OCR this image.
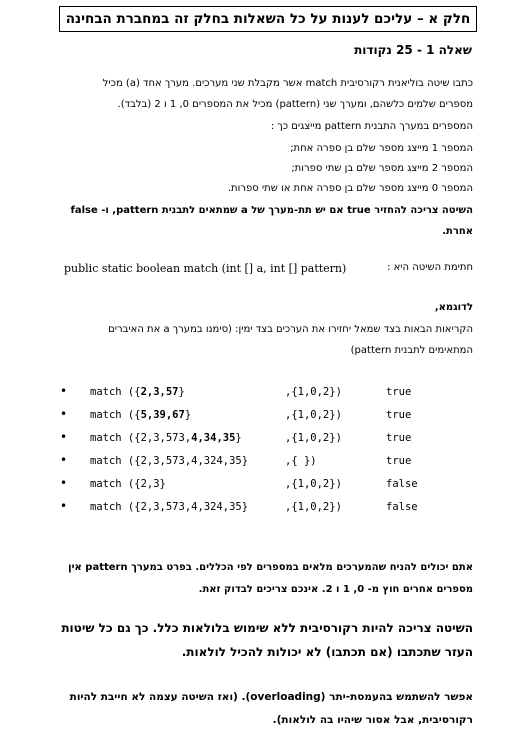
חלק א – עליכם לענות על כל השאלות בחלק זה במחברת הבחינה
שאלה 1 - 25 נקודות
כתבו שיטה בוליאנית רקורסיבית match אשר מקבלת שני מערכים. מערך אחד (a) מכיל
מספרים שלמים כלשהם, ומערך שני (pattern) מכיל את המספרים 0, 1 ו 2 (בלבד).
המספרים במערך התבנית pattern מייצגים כך :
המספר 1 מייצג מספר שלם בן ספרה אחת;
המספר 2 מייצג מספר שלם בן שתי ספרות;
המספר 0 מייצג מספר שלם בן ספרה אחת או שתי ספרות.
השיטה צריכה להחזיר true אם יש תת-מערך של a שמתאים לתבנית pattern, ו- false
אחרת.
חתימת השיטה היא :
public static boolean match (int [] a, int [] pattern)
לדוגמא,
הקריאות הבאות בצד שמאל יחזירו את הערכים בצד ימין: (סימנו במערך a את האיברים
המתאימים לתבנית pattern)
• match ({2,3,57}	,{1,0,2})	true
• match ({5,39,67}	,{1,0,2})	true
• match ({2,3,573,4,34,35}	,{1,0,2})	true
• match ({2,3,573,4,324,35}	,{ })	true
• match ({2,3}	,{1,0,2})	false
• match ({2,3,573,4,324,35}	,{1,0,2})	false
אתם יכולים להניח שהמערכים מלאים במספרים לפי הכללים. בפרט במערך pattern אין
מספרים אחרים חוץ מ- 0, 1 ו 2. אינכם צריכים לבדוק זאת.
השיטה צריכה להיות רקורסיבית ללא שימוש בלולאות כלל. כך גם כל שיטות
העזר שתכתבו (אם תכתבו) לא יכולות להכיל לולאות.
אפשר להשתמש בהעמסת-יתר (overloading). (ואז השיטה עצמה לא חייבת להיות
רקורסיבית, אבל אסור שיהיו בה לולאות).
